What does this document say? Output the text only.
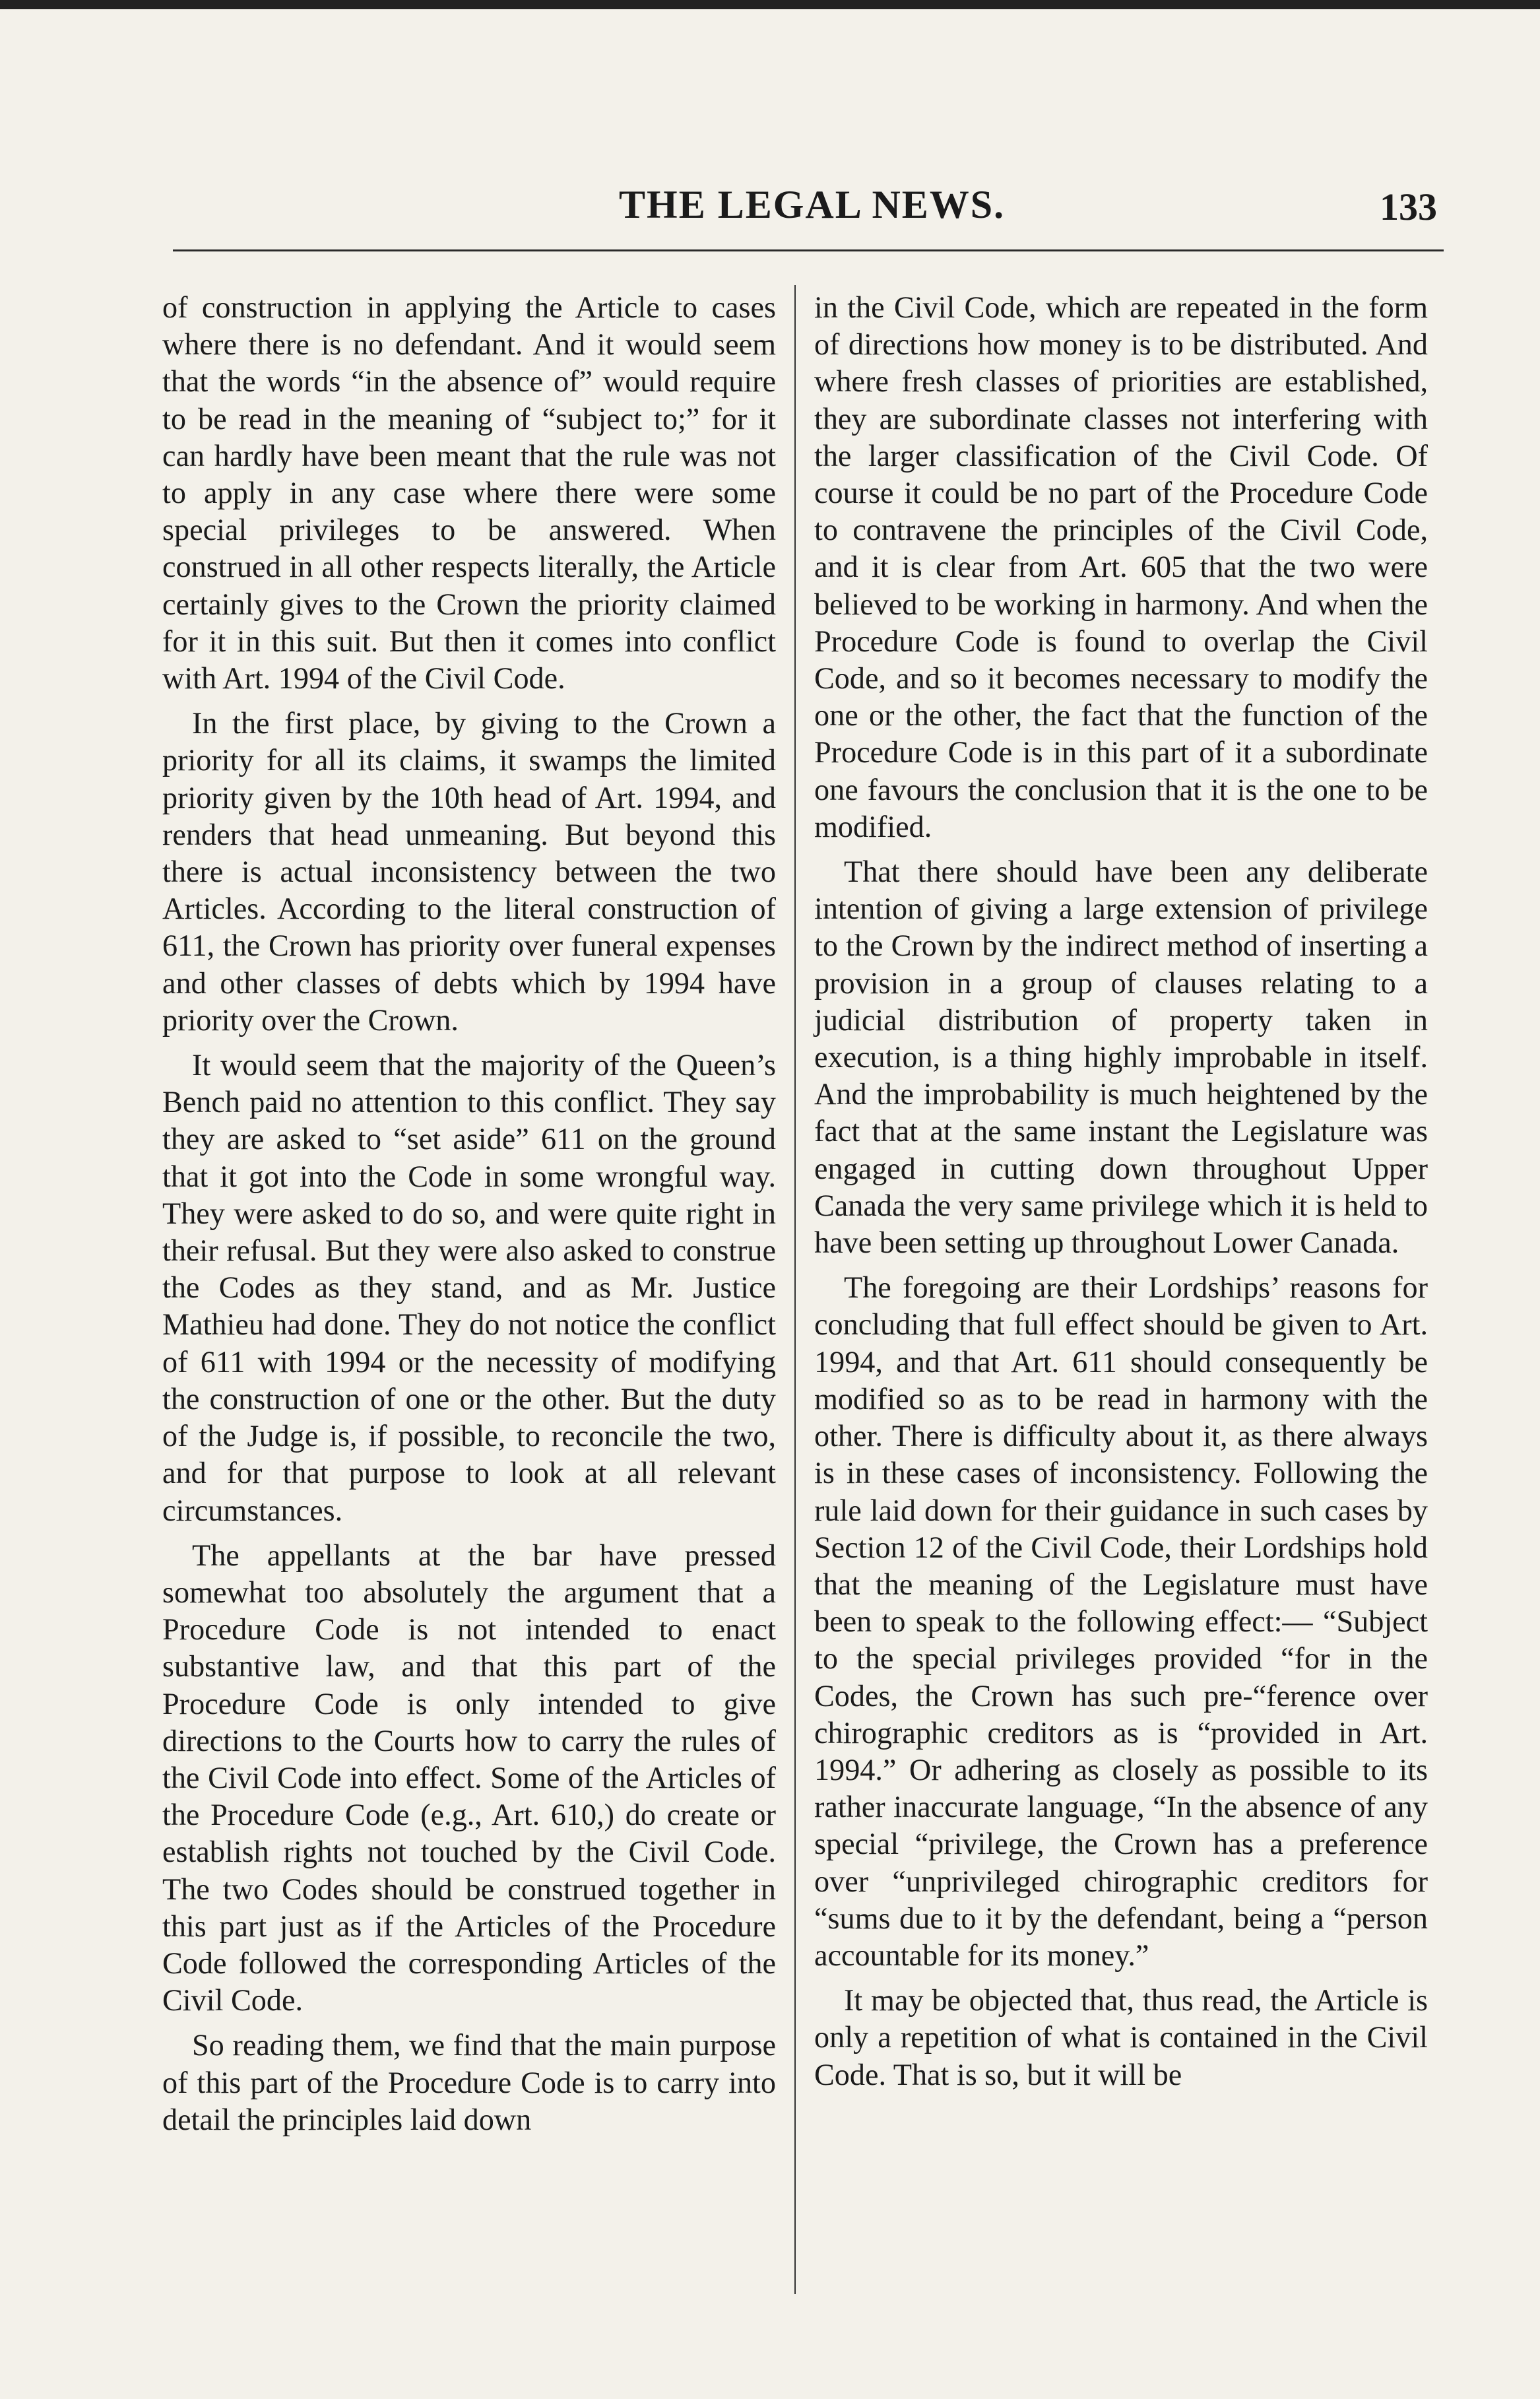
THE LEGAL NEWS.	133

of construction in applying the Article to cases where there is no defendant. And it would seem that the words “in the absence of” would require to be read in the meaning of “subject to;” for it can hardly have been meant that the rule was not to apply in any case where there were some special privileges to be answered. When construed in all other respects literally, the Article certainly gives to the Crown the priority claimed for it in this suit. But then it comes into conflict with Art. 1994 of the Civil Code.

In the first place, by giving to the Crown a priority for all its claims, it swamps the limited priority given by the 10th head of Art. 1994, and renders that head unmeaning. But beyond this there is actual inconsistency between the two Articles. According to the literal construction of 611, the Crown has priority over funeral expenses and other classes of debts which by 1994 have priority over the Crown.

It would seem that the majority of the Queen’s Bench paid no attention to this conflict. They say they are asked to “set aside” 611 on the ground that it got into the Code in some wrongful way. They were asked to do so, and were quite right in their refusal. But they were also asked to construe the Codes as they stand, and as Mr. Justice Mathieu had done. They do not notice the conflict of 611 with 1994 or the necessity of modifying the construction of one or the other. But the duty of the Judge is, if possible, to reconcile the two, and for that purpose to look at all relevant circumstances.

The appellants at the bar have pressed somewhat too absolutely the argument that a Procedure Code is not intended to enact substantive law, and that this part of the Procedure Code is only intended to give directions to the Courts how to carry the rules of the Civil Code into effect. Some of the Articles of the Procedure Code (e.g., Art. 610,) do create or establish rights not touched by the Civil Code. The two Codes should be construed together in this part just as if the Articles of the Procedure Code followed the corresponding Articles of the Civil Code.

So reading them, we find that the main purpose of this part of the Procedure Code is to carry into detail the principles laid down

in the Civil Code, which are repeated in the form of directions how money is to be distributed. And where fresh classes of priorities are established, they are subordinate classes not interfering with the larger classification of the Civil Code. Of course it could be no part of the Procedure Code to contravene the principles of the Civil Code, and it is clear from Art. 605 that the two were believed to be working in harmony. And when the Procedure Code is found to overlap the Civil Code, and so it becomes necessary to modify the one or the other, the fact that the function of the Procedure Code is in this part of it a subordinate one favours the conclusion that it is the one to be modified.

That there should have been any deliberate intention of giving a large extension of privilege to the Crown by the indirect method of inserting a provision in a group of clauses relating to a judicial distribution of property taken in execution, is a thing highly improbable in itself. And the improbability is much heightened by the fact that at the same instant the Legislature was engaged in cutting down throughout Upper Canada the very same privilege which it is held to have been setting up throughout Lower Canada.

The foregoing are their Lordships’ reasons for concluding that full effect should be given to Art. 1994, and that Art. 611 should consequently be modified so as to be read in harmony with the other. There is difficulty about it, as there always is in these cases of inconsistency. Following the rule laid down for their guidance in such cases by Section 12 of the Civil Code, their Lordships hold that the meaning of the Legislature must have been to speak to the following effect:— “Subject to the special privileges provided “for in the Codes, the Crown has such pre-“ference over chirographic creditors as is “provided in Art. 1994.” Or adhering as closely as possible to its rather inaccurate language, “In the absence of any special “privilege, the Crown has a preference over “unprivileged chirographic creditors for “sums due to it by the defendant, being a “person accountable for its money.”

It may be objected that, thus read, the Article is only a repetition of what is contained in the Civil Code. That is so, but it will be
